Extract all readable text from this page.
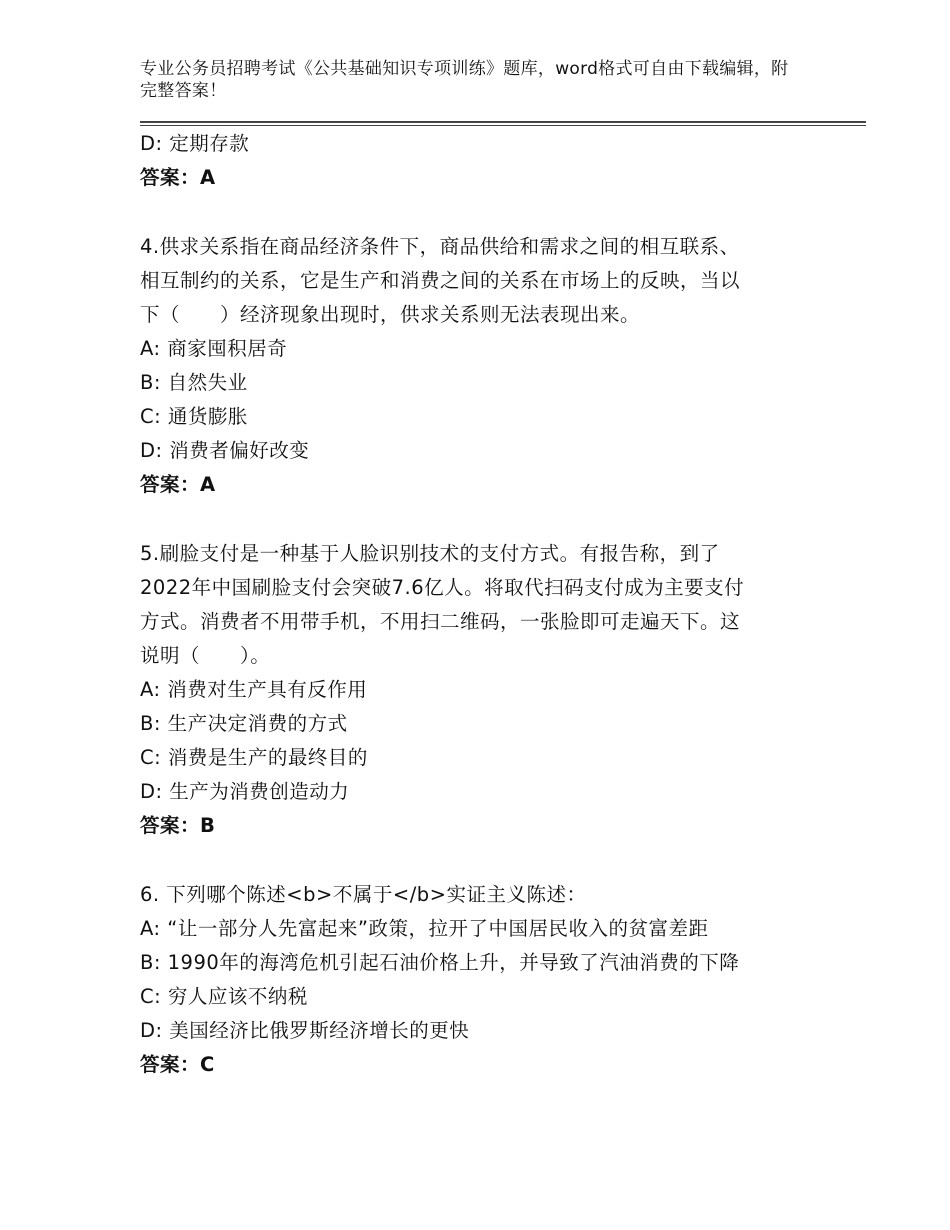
专业公务员招聘考试《公共基础知识专项训练》题库，word格式可自由下载编辑，附完整答案！
D: 定期存款
答案：A
4.供求关系指在商品经济条件下，商品供给和需求之间的相互联系、
相互制约的关系，它是生产和消费之间的关系在市场上的反映，当以
下（　　）经济现象出现时，供求关系则无法表现出来。
A: 商家囤积居奇
B: 自然失业
C: 通货膨胀
D: 消费者偏好改变
答案：A
5.刷脸支付是一种基于人脸识别技术的支付方式。有报告称，到了
2022年中国刷脸支付会突破7.6亿人。将取代扫码支付成为主要支付
方式。消费者不用带手机，不用扫二维码，一张脸即可走遍天下。这
说明（　　）。
A: 消费对生产具有反作用
B: 生产决定消费的方式
C: 消费是生产的最终目的
D: 生产为消费创造动力
答案：B
6. 下列哪个陈述<b>不属于</b>实证主义陈述：
A: “让一部分人先富起来”政策，拉开了中国居民收入的贫富差距
B: 1990年的海湾危机引起石油价格上升，并导致了汽油消费的下降
C: 穷人应该不纳税
D: 美国经济比俄罗斯经济增长的更快
答案：C
